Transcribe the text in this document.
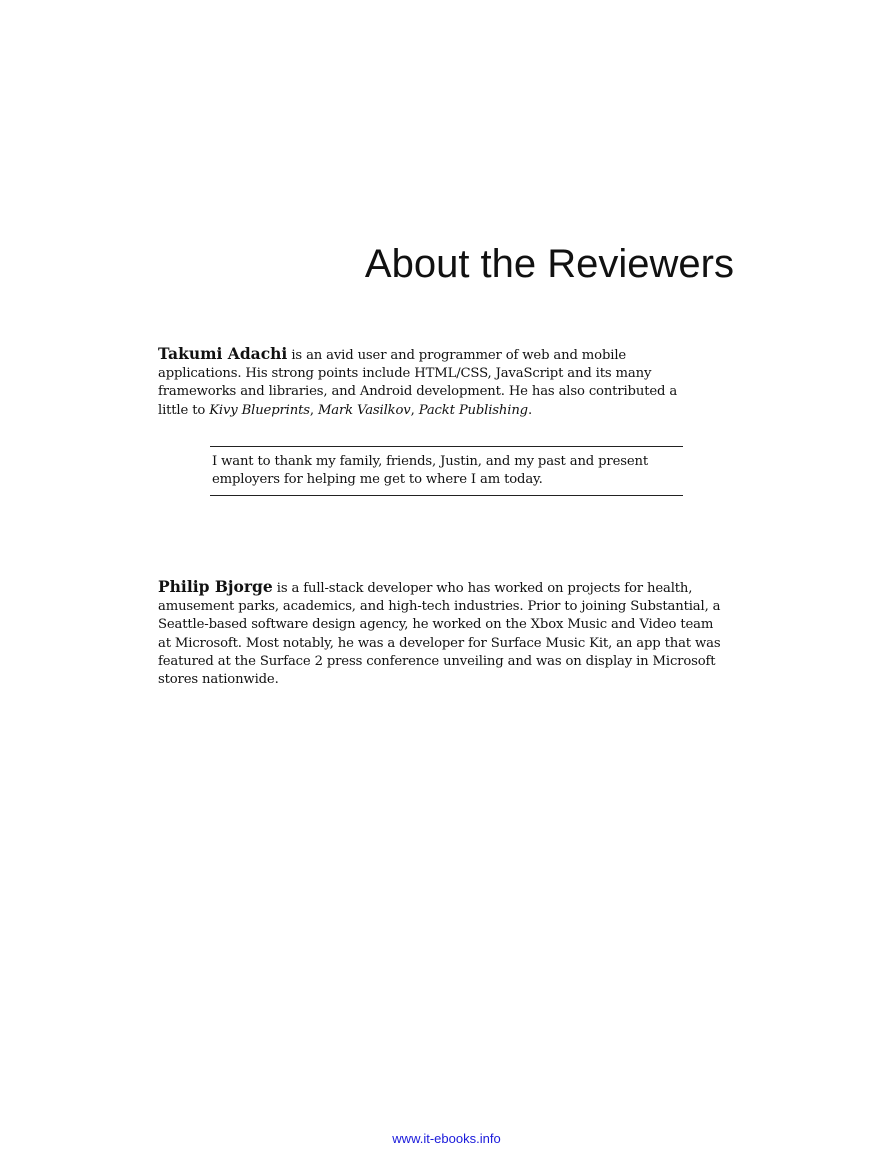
About the Reviewers

Takumi Adachi is an avid user and programmer of web and mobile applications. His strong points include HTML/CSS, JavaScript and its many frameworks and libraries, and Android development. He has also contributed a little to Kivy Blueprints, Mark Vasilkov, Packt Publishing.

I want to thank my family, friends, Justin, and my past and present employers for helping me get to where I am today.

Philip Bjorge is a full-stack developer who has worked on projects for health, amusement parks, academics, and high-tech industries. Prior to joining Substantial, a Seattle-based software design agency, he worked on the Xbox Music and Video team at Microsoft. Most notably, he was a developer for Surface Music Kit, an app that was featured at the Surface 2 press conference unveiling and was on display in Microsoft stores nationwide.

www.it-ebooks.info
